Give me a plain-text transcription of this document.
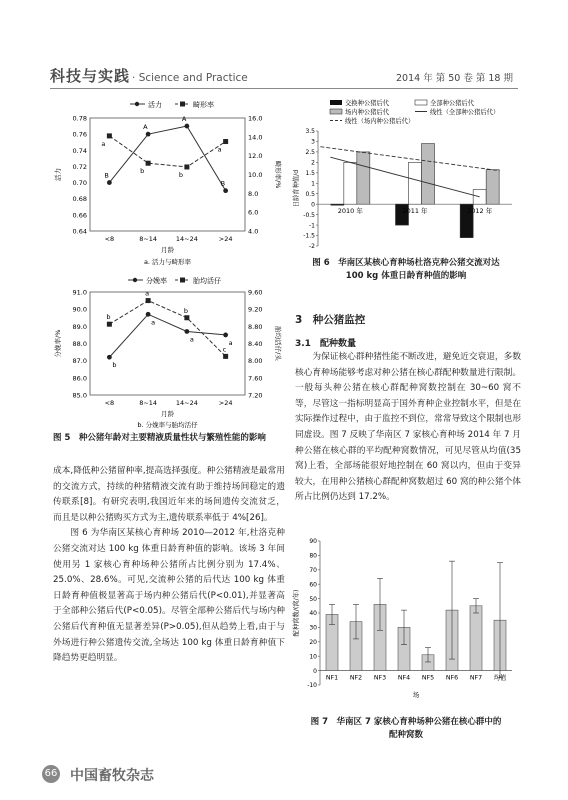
科技与实践 · Science and Practice	2014 年 第 50 卷 第 18 期
活力	畸形率
0.78
0.76
0.74
0.72
0.70
0.68
0.66
0.64
16.0
14.0
12.0
10.0
8.0
6.0
4.0
<8	8~14	14~24	>24
月龄
a. 活力与畸形率
活力	畸形率/%
B
a
A
b
A
b
B
a
分娩率	胎均活仔
91.0
90.0
89.0
88.0
87.0
86.0
85.0
9.60
9.20
8.80
8.40
8.00
7.60
7.20
<8	8~14	14~24	>24
月龄
b. 分娩率与胎均活仔
分娩率/%	胎均活仔/头
b
b
a
a
a
b
a
c
图 5　种公猪年龄对主要精液质量性状与繁殖性能的影响
交换种公猪后代	全部种公猪后代
场内种公猪后代	线性（全部种公猪后代）
线性（场内种公猪后代）
3.5
3
2.5
2
1.5
1
0.5
0
-0.5
-1
-1.5
-2
日龄育种值/d
2010 年	2011 年	2012 年
图 6　华南区某核心育种场杜洛克种公猪交流对达
100 kg 体重日龄育种值的影响

成本,降低种公猪留种率,提高选择强度。种公猪精液是最常用的交流方式，持续的种猪精液交流有助于维持场间稳定的遗传联系[8]。有研究表明,我国近年来的场间遗传交流贫乏，而且是以种公猪购买方式为主,遗传联系率低于 4%[26]。

图 6 为华南区某核心育种场 2010—2012 年,杜洛克种公猪交流对达 100 kg 体重日龄育种值的影响。该场 3 年间使用另 1 家核心育种场种公猪所占比例分别为 17.4%、25.0%、28.6%。可见,交流种公猪的后代达 100 kg 体重日龄育种值极显著高于场内种公猪后代(P<0.01),并显著高于全部种公猪后代(P<0.05)。尽管全部种公猪后代与场内种公猪后代育种值无显著差异(P>0.05),但从趋势上看,由于与外场进行种公猪遗传交流,全场达 100 kg 体重日龄育种值下降趋势更趋明显。

3　种公猪监控
3.1　配种数量

为保证核心群种猪性能不断改进，避免近交衰退，多数核心育种场能够考虑对种公猪在核心群配种数量进行限制。一般每头种公猪在核心群配种窝数控制在 30~60 窝不等，尽管这一指标明显高于国外育种企业控制水平，但是在实际操作过程中，由于监控不到位，常常导致这个限制也形同虚设。图 7 反映了华南区 7 家核心育种场 2014 年 7 月种公猪在核心群的平均配种窝数情况，可见尽管从均值(35 窝)上看，全部场能很好地控制在 60 窝以内，但由于变异较大，在用种公猪核心群配种窝数超过 60 窝的种公猪个体所占比例仍达到 17.2%。

90
80
70
60
50
40
30
20
10
0
-10
配种窝数/(窝/年)
NF1 NF2 NF3 NF4 NF5 NF6 NF7 均值
场
图 7　华南区 7 家核心育种场种公猪在核心群中的
配种窝数
66 中国畜牧杂志
